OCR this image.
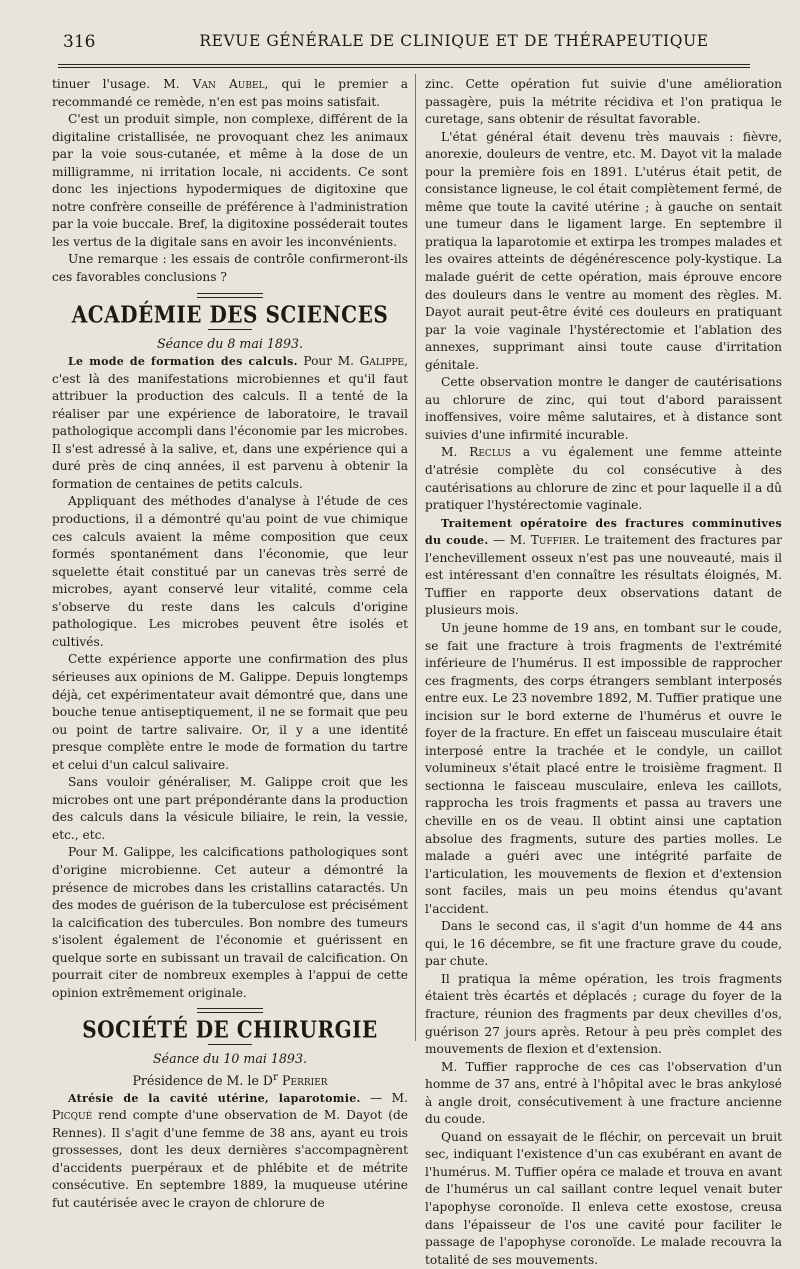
316	REVUE GÉNÉRALE DE CLINIQUE ET DE THÉRAPEUTIQUE

tinuer l'usage. M. Van Aubel, qui le premier a recommandé ce remède, n'en est pas moins satisfait.

C'est un produit simple, non complexe, différent de la digitaline cristallisée, ne provoquant chez les animaux par la voie sous-cutanée, et même à la dose de un milligramme, ni irritation locale, ni accidents. Ce sont donc les injections hypodermiques de digitoxine que notre confrère conseille de préférence à l'administration par la voie buccale. Bref, la digitoxine posséderait toutes les vertus de la digitale sans en avoir les inconvénients.

Une remarque : les essais de contrôle confirmeront-ils ces favorables conclusions ?

ACADÉMIE DES SCIENCES

Séance du 8 mai 1893.

Le mode de formation des calculs. Pour M. Galippe, c'est là des manifestations microbiennes et qu'il faut attribuer la production des calculs. Il a tenté de la réaliser par une expérience de laboratoire, le travail pathologique accompli dans l'économie par les microbes. Il s'est adressé à la salive, et, dans une expérience qui a duré près de cinq années, il est parvenu à obtenir la formation de centaines de petits calculs.

Appliquant des méthodes d'analyse à l'étude de ces productions, il a démontré qu'au point de vue chimique ces calculs avaient la même composition que ceux formés spontanément dans l'économie, que leur squelette était constitué par un canevas très serré de microbes, ayant conservé leur vitalité, comme cela s'observe du reste dans les calculs d'origine pathologique. Les microbes peuvent être isolés et cultivés.

Cette expérience apporte une confirmation des plus sérieuses aux opinions de M. Galippe. Depuis longtemps déjà, cet expérimentateur avait démontré que, dans une bouche tenue antiseptiquement, il ne se formait que peu ou point de tartre salivaire. Or, il y a une identité presque complète entre le mode de formation du tartre et celui d'un calcul salivaire.

Sans vouloir généraliser, M. Galippe croit que les microbes ont une part prépondérante dans la production des calculs dans la vésicule biliaire, le rein, la vessie, etc., etc.

Pour M. Galippe, les calcifications pathologiques sont d'origine microbienne. Cet auteur a démontré la présence de microbes dans les cristallins cataractés. Un des modes de guérison de la tuberculose est précisément la calcification des tubercules. Bon nombre des tumeurs s'isolent également de l'économie et guérissent en quelque sorte en subissant un travail de calcification. On pourrait citer de nombreux exemples à l'appui de cette opinion extrêmement originale.

SOCIÉTÉ DE CHIRURGIE

Séance du 10 mai 1893.

Présidence de M. le $D^r$ Perrier

Atrésie de la cavité utérine, laparotomie. — M. Picqué rend compte d'une observation de M. Dayot (de Rennes). Il s'agit d'une femme de 38 ans, ayant eu trois grossesses, dont les deux dernières s'accompagnèrent d'accidents puerpéraux et de phlébite et de métrite consécutive. En septembre 1889, la muqueuse utérine fut cautérisée avec le crayon de chlorure de

zinc. Cette opération fut suivie d'une amélioration passagère, puis la métrite récidiva et l'on pratiqua le curetage, sans obtenir de résultat favorable.

L'état général était devenu très mauvais : fièvre, anorexie, douleurs de ventre, etc. M. Dayot vit la malade pour la première fois en 1891. L'utérus était petit, de consistance ligneuse, le col était complètement fermé, de même que toute la cavité utérine ; à gauche on sentait une tumeur dans le ligament large. En septembre il pratiqua la laparotomie et extirpa les trompes malades et les ovaires atteints de dégénérescence poly-kystique. La malade guérit de cette opération, mais éprouve encore des douleurs dans le ventre au moment des règles. M. Dayot aurait peut-être évité ces douleurs en pratiquant par la voie vaginale l'hystérectomie et l'ablation des annexes, supprimant ainsi toute cause d'irritation génitale.

Cette observation montre le danger de cautérisations au chlorure de zinc, qui tout d'abord paraissent inoffensives, voire même salutaires, et à distance sont suivies d'une infirmité incurable.

M. Reclus a vu également une femme atteinte d'atrésie complète du col consécutive à des cautérisations au chlorure de zinc et pour laquelle il a dû pratiquer l'hystérectomie vaginale.

Traitement opératoire des fractures comminutives du coude. — M. Tuffier. Le traitement des fractures par l'enchevillement osseux n'est pas une nouveauté, mais il est intéressant d'en connaître les résultats éloignés, M. Tuffier en rapporte deux observations datant de plusieurs mois.

Un jeune homme de 19 ans, en tombant sur le coude, se fait une fracture à trois fragments de l'extrémité inférieure de l'humérus. Il est impossible de rapprocher ces fragments, des corps étrangers semblant interposés entre eux. Le 23 novembre 1892, M. Tuffier pratique une incision sur le bord externe de l'humérus et ouvre le foyer de la fracture. En effet un faisceau musculaire était interposé entre la trachée et le condyle, un caillot volumineux s'était placé entre le troisième fragment. Il sectionna le faisceau musculaire, enleva les caillots, rapprocha les trois fragments et passa au travers une cheville en os de veau. Il obtint ainsi une captation absolue des fragments, suture des parties molles. Le malade a guéri avec une intégrité parfaite de l'articulation, les mouvements de flexion et d'extension sont faciles, mais un peu moins étendus qu'avant l'accident.

Dans le second cas, il s'agit d'un homme de 44 ans qui, le 16 décembre, se fit une fracture grave du coude, par chute.

Il pratiqua la même opération, les trois fragments étaient très écartés et déplacés ; curage du foyer de la fracture, réunion des fragments par deux chevilles d'os, guérison 27 jours après. Retour à peu près complet des mouvements de flexion et d'extension.

M. Tuffier rapproche de ces cas l'observation d'un homme de 37 ans, entré à l'hôpital avec le bras ankylosé à angle droit, consécutivement à une fracture ancienne du coude.

Quand on essayait de le fléchir, on percevait un bruit sec, indiquant l'existence d'un cas exubérant en avant de l'humérus. M. Tuffier opéra ce malade et trouva en avant de l'humérus un cal saillant contre lequel venait buter l'apophyse coronoïde. Il enleva cette exostose, creusa dans l'épaisseur de l'os une cavité pour faciliter le passage de l'apophyse coronoïde. Le malade recouvra la totalité de ses mouvements.
